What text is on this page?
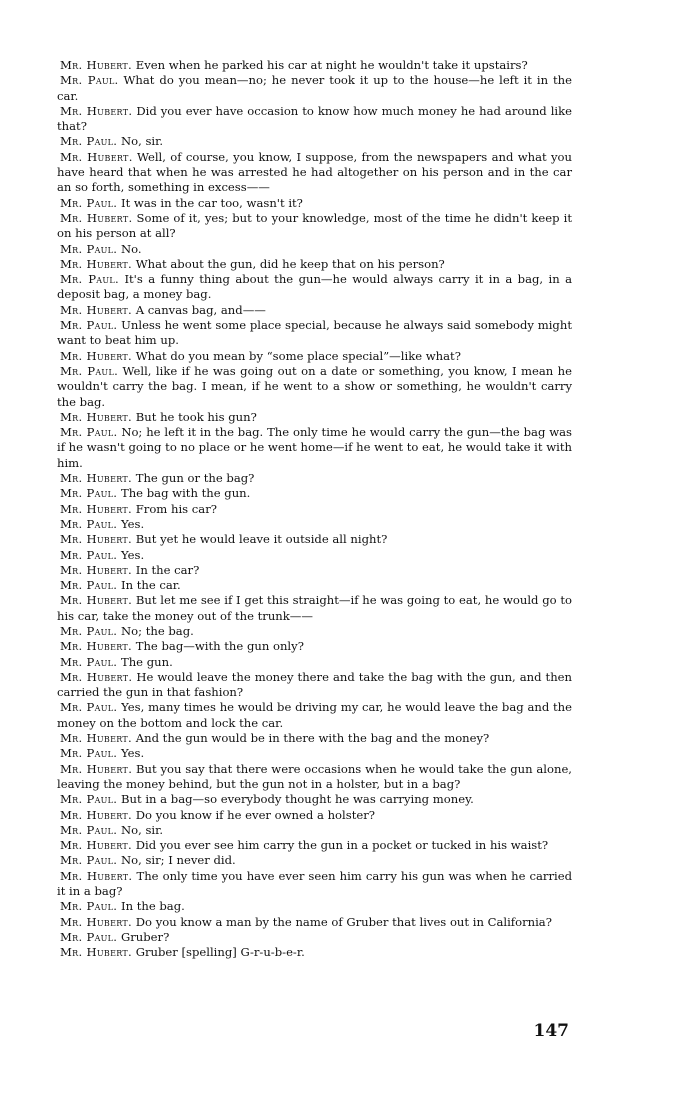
Mr. Hubert. Even when he parked his car at night he wouldn't take it upstairs?

Mr. Paul. What do you mean—no; he never took it up to the house—he left it in the car.

Mr. Hubert. Did you ever have occasion to know how much money he had around like that?

Mr. Paul. No, sir.

Mr. Hubert. Well, of course, you know, I suppose, from the newspapers and what you have heard that when he was arrested he had altogether on his person and in the car an so forth, something in excess——

Mr. Paul. It was in the car too, wasn't it?

Mr. Hubert. Some of it, yes; but to your knowledge, most of the time he didn't keep it on his person at all?

Mr. Paul. No.

Mr. Hubert. What about the gun, did he keep that on his person?

Mr. Paul. It's a funny thing about the gun—he would always carry it in a bag, in a deposit bag, a money bag.

Mr. Hubert. A canvas bag, and——

Mr. Paul. Unless he went some place special, because he always said somebody might want to beat him up.

Mr. Hubert. What do you mean by “some place special”—like what?

Mr. Paul. Well, like if he was going out on a date or something, you know, I mean he wouldn't carry the bag. I mean, if he went to a show or something, he wouldn't carry the bag.

Mr. Hubert. But he took his gun?

Mr. Paul. No; he left it in the bag. The only time he would carry the gun—the bag was if he wasn't going to no place or he went home—if he went to eat, he would take it with him.

Mr. Hubert. The gun or the bag?

Mr. Paul. The bag with the gun.

Mr. Hubert. From his car?

Mr. Paul. Yes.

Mr. Hubert. But yet he would leave it outside all night?

Mr. Paul. Yes.

Mr. Hubert. In the car?

Mr. Paul. In the car.

Mr. Hubert. But let me see if I get this straight—if he was going to eat, he would go to his car, take the money out of the trunk——

Mr. Paul. No; the bag.

Mr. Hubert. The bag—with the gun only?

Mr. Paul. The gun.

Mr. Hubert. He would leave the money there and take the bag with the gun, and then carried the gun in that fashion?

Mr. Paul. Yes, many times he would be driving my car, he would leave the bag and the money on the bottom and lock the car.

Mr. Hubert. And the gun would be in there with the bag and the money?

Mr. Paul. Yes.

Mr. Hubert. But you say that there were occasions when he would take the gun alone, leaving the money behind, but the gun not in a holster, but in a bag?

Mr. Paul. But in a bag—so everybody thought he was carrying money.

Mr. Hubert. Do you know if he ever owned a holster?

Mr. Paul. No, sir.

Mr. Hubert. Did you ever see him carry the gun in a pocket or tucked in his waist?

Mr. Paul. No, sir; I never did.

Mr. Hubert. The only time you have ever seen him carry his gun was when he carried it in a bag?

Mr. Paul. In the bag.

Mr. Hubert. Do you know a man by the name of Gruber that lives out in California?

Mr. Paul. Gruber?

Mr. Hubert. Gruber [spelling] G-r-u-b-e-r.

147
